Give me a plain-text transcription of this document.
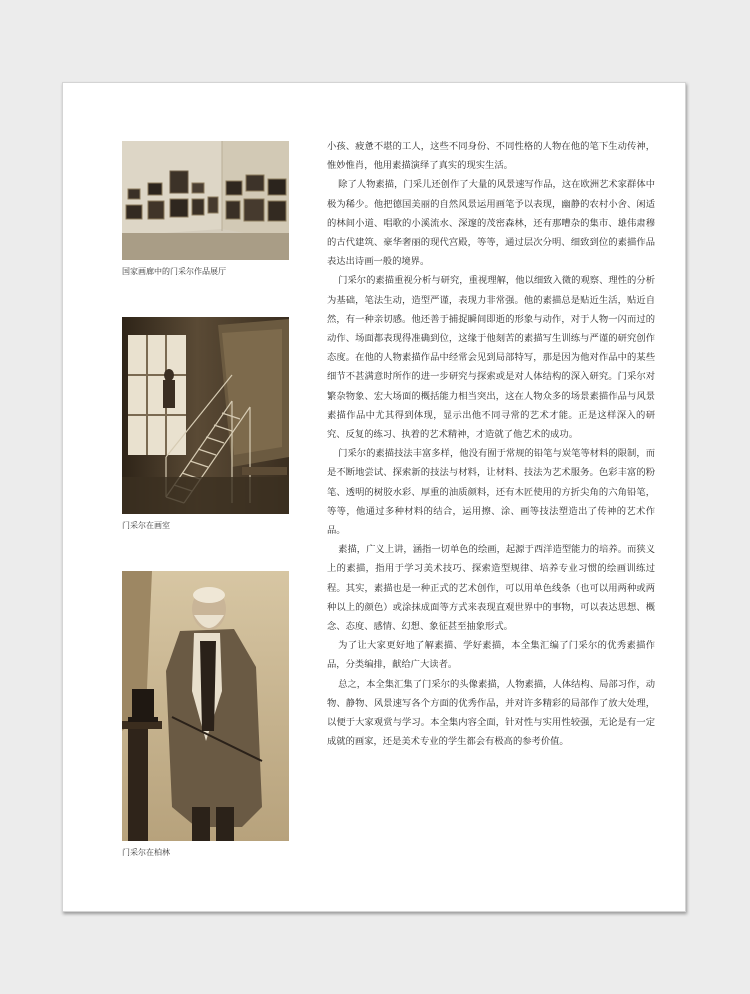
国家画廊中的门采尔作品展厅
门采尔在画室
门采尔在柏林

小孩、疲惫不堪的工人，这些不同身份、不同性格的人物在他的笔下生动传神，惟妙惟肖，他用素描演绎了真实的现实生活。

除了人物素描，门采儿还创作了大量的风景速写作品，这在欧洲艺术家群体中极为稀少。他把德国美丽的自然风景运用画笔予以表现，幽静的农村小舍、闲适的林间小道、唱歌的小溪流水、深邃的茂密森林，还有那嘈杂的集市、雄伟肃穆的古代建筑、豪华奢丽的现代宫殿，等等，通过层次分明、细致到位的素描作品表达出诗画一般的境界。

门采尔的素描重视分析与研究，重视理解，他以细致入微的观察、理性的分析为基础，笔法生动，造型严谨，表现力非常强。他的素描总是贴近生活，贴近自然，有一种亲切感。他还善于捕捉瞬间即逝的形象与动作，对于人物一闪而过的动作、场面都表现得准确到位，这缘于他刻苦的素描写生训练与严谨的研究创作态度。在他的人物素描作品中经常会见到局部特写，那是因为他对作品中的某些细节不甚满意时所作的进一步研究与探索或是对人体结构的深入研究。门采尔对繁杂物象、宏大场面的概括能力相当突出，这在人物众多的场景素描作品与风景素描作品中尤其得到体现，显示出他不同寻常的艺术才能。正是这样深入的研究、反复的练习、执着的艺术精神，才造就了他艺术的成功。

门采尔的素描技法丰富多样，他没有囿于常规的铅笔与炭笔等材料的限制，而是不断地尝试、探索新的技法与材料，让材料、技法为艺术服务。色彩丰富的粉笔、透明的树胶水彩、厚重的油质颜料，还有木匠使用的方折尖角的六角铅笔，等等，他通过多种材料的结合，运用擦、涂、画等技法塑造出了传神的艺术作品。

素描，广义上讲，涵指一切单色的绘画，起源于西洋造型能力的培养。而狭义上的素描，指用于学习美术技巧、探索造型规律、培养专业习惯的绘画训练过程。其实，素描也是一种正式的艺术创作，可以用单色线条（也可以用两种或两种以上的颜色）或涂抹成面等方式来表现直观世界中的事物，可以表达思想、概念、态度、感情、幻想、象征甚至抽象形式。

为了让大家更好地了解素描、学好素描，本全集汇编了门采尔的优秀素描作品，分类编排，献给广大读者。

总之，本全集汇集了门采尔的头像素描，人物素描，人体结构、局部习作，动物、静物、风景速写各个方面的优秀作品，并对许多精彩的局部作了放大处理，以便于大家观赏与学习。本全集内容全面，针对性与实用性较强，无论是有一定成就的画家，还是美术专业的学生都会有极高的参考价值。
